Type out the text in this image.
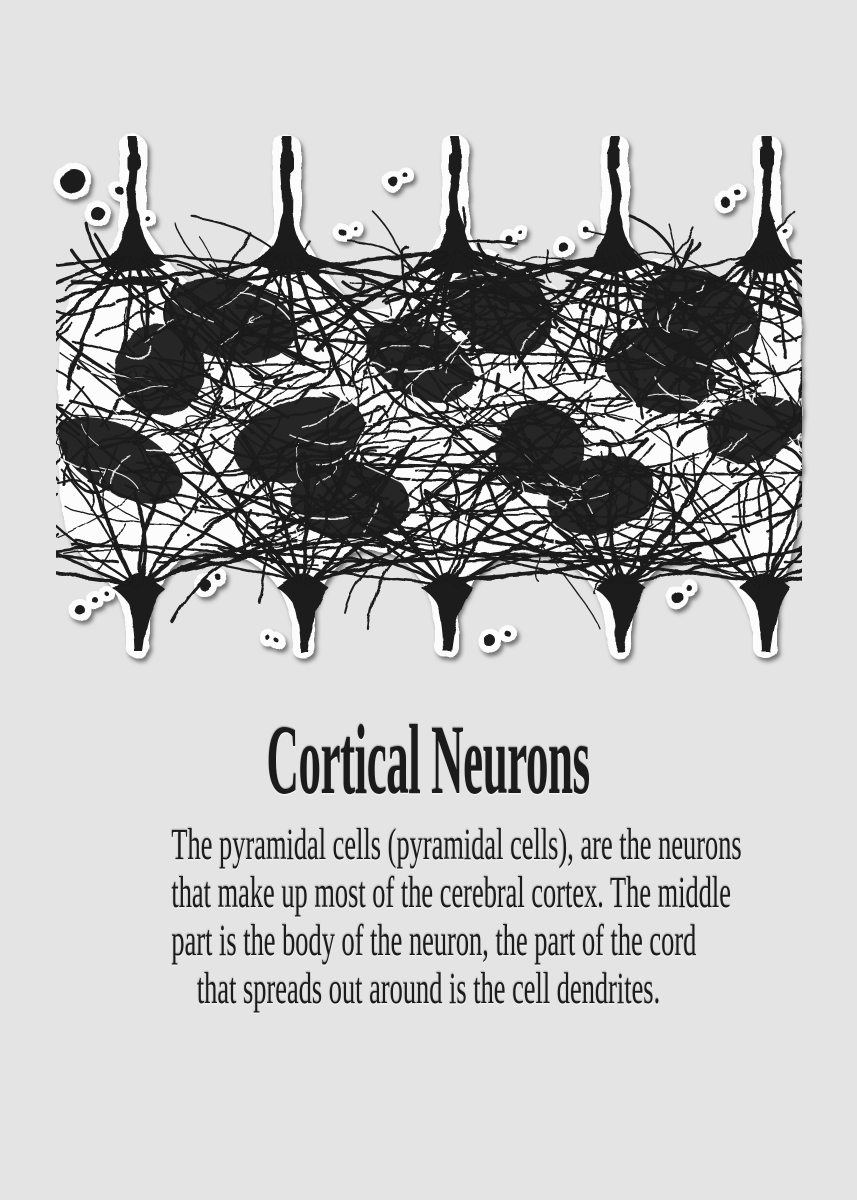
Cortical Neurons
The pyramidal cells (pyramidal cells), are the neurons
that make up most of the cerebral cortex. The middle
part is the body of the neuron, the part of the cord
that spreads out around is the cell dendrites.
